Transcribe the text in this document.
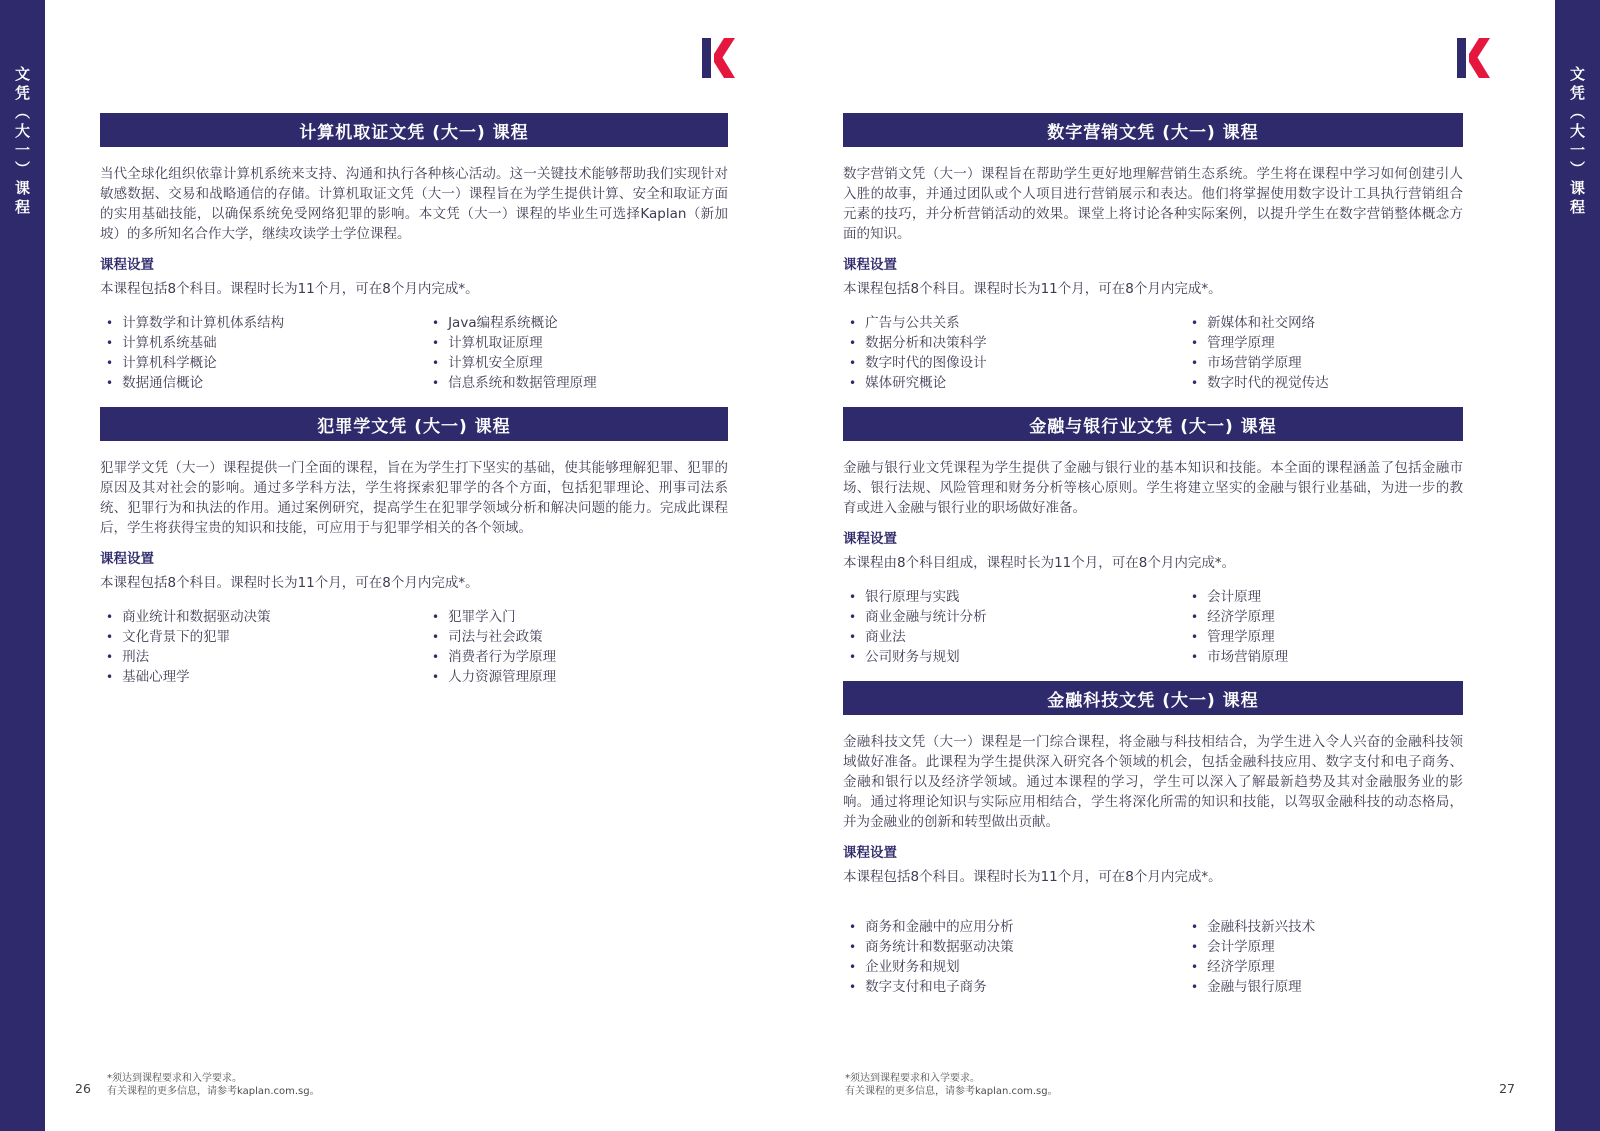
文凭（大一）课程	文凭（大一）课程
计算机取证文凭 (大一) 课程

当代全球化组织依靠计算机系统来支持、沟通和执行各种核心活动。这一关键技术能够帮助我们实现针对敏感数据、交易和战略通信的存储。计算机取证文凭（大一）课程旨在为学生提供计算、安全和取证方面的实用基础技能，以确保系统免受网络犯罪的影响。本文凭（大一）课程的毕业生可选择Kaplan（新加坡）的多所知名合作大学，继续攻读学士学位课程。

课程设置

本课程包括8个科目。课程时长为11个月，可在8个月内完成*。

• 计算数学和计算机体系结构
• 计算机系统基础
• 计算机科学概论
• 数据通信概论
• Java编程系统概论
• 计算机取证原理
• 计算机安全原理
• 信息系统和数据管理原理
犯罪学文凭 (大一) 课程

犯罪学文凭（大一）课程提供一门全面的课程，旨在为学生打下坚实的基础，使其能够理解犯罪、犯罪的原因及其对社会的影响。通过多学科方法，学生将探索犯罪学的各个方面，包括犯罪理论、刑事司法系统、犯罪行为和执法的作用。通过案例研究，提高学生在犯罪学领域分析和解决问题的能力。完成此课程后，学生将获得宝贵的知识和技能，可应用于与犯罪学相关的各个领域。

课程设置

本课程包括8个科目。课程时长为11个月，可在8个月内完成*。

• 商业统计和数据驱动决策
• 文化背景下的犯罪
• 刑法
• 基础心理学
• 犯罪学入门
• 司法与社会政策
• 消费者行为学原理
• 人力资源管理原理
*须达到课程要求和入学要求。
有关课程的更多信息，请参考kaplan.com.sg。
26
数字营销文凭 (大一) 课程

数字营销文凭（大一）课程旨在帮助学生更好地理解营销生态系统。学生将在课程中学习如何创建引人入胜的故事，并通过团队或个人项目进行营销展示和表达。他们将掌握使用数字设计工具执行营销组合元素的技巧，并分析营销活动的效果。课堂上将讨论各种实际案例，以提升学生在数字营销整体概念方面的知识。

课程设置

本课程包括8个科目。课程时长为11个月，可在8个月内完成*。

• 广告与公共关系
• 数据分析和决策科学
• 数字时代的图像设计
• 媒体研究概论
• 新媒体和社交网络
• 管理学原理
• 市场营销学原理
• 数字时代的视觉传达
金融与银行业文凭 (大一) 课程

金融与银行业文凭课程为学生提供了金融与银行业的基本知识和技能。本全面的课程涵盖了包括金融市场、银行法规、风险管理和财务分析等核心原则。学生将建立坚实的金融与银行业基础，为进一步的教育或进入金融与银行业的职场做好准备。

课程设置

本课程由8个科目组成，课程时长为11个月，可在8个月内完成*。

• 银行原理与实践
• 商业金融与统计分析
• 商业法
• 公司财务与规划
• 会计原理
• 经济学原理
• 管理学原理
• 市场营销原理
金融科技文凭 (大一) 课程

金融科技文凭（大一）课程是一门综合课程，将金融与科技相结合，为学生进入令人兴奋的金融科技领域做好准备。此课程为学生提供深入研究各个领域的机会，包括金融科技应用、数字支付和电子商务、金融和银行以及经济学领域。通过本课程的学习，学生可以深入了解最新趋势及其对金融服务业的影响。通过将理论知识与实际应用相结合，学生将深化所需的知识和技能，以驾驭金融科技的动态格局，并为金融业的创新和转型做出贡献。

课程设置

本课程包括8个科目。课程时长为11个月，可在8个月内完成*。

• 商务和金融中的应用分析
• 商务统计和数据驱动决策
• 企业财务和规划
• 数字支付和电子商务
• 金融科技新兴技术
• 会计学原理
• 经济学原理
• 金融与银行原理
*须达到课程要求和入学要求。
有关课程的更多信息，请参考kaplan.com.sg。	27
